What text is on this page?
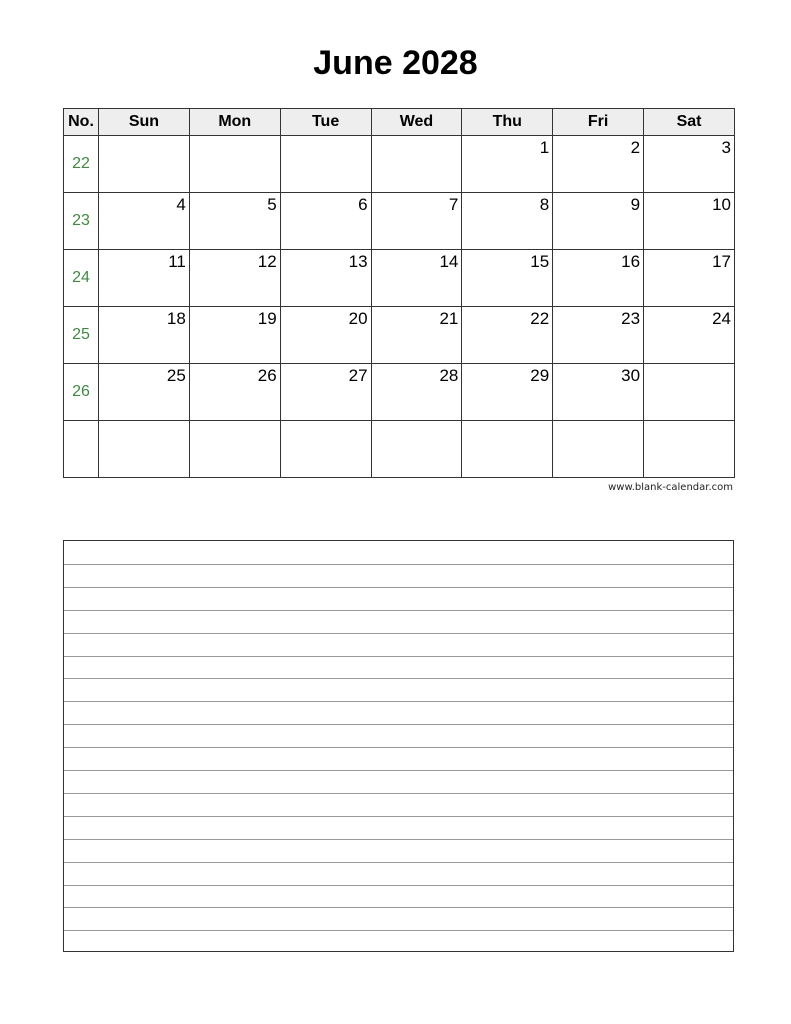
June 2028
No.	Sun	Mon	Tue	Wed	Thu	Fri	Sat
22					1	2	3
23	4	5	6	7	8	9	10
24	11	12	13	14	15	16	17
25	18	19	20	21	22	23	24
26	25	26	27	28	29	30	

www.blank-calendar.com
